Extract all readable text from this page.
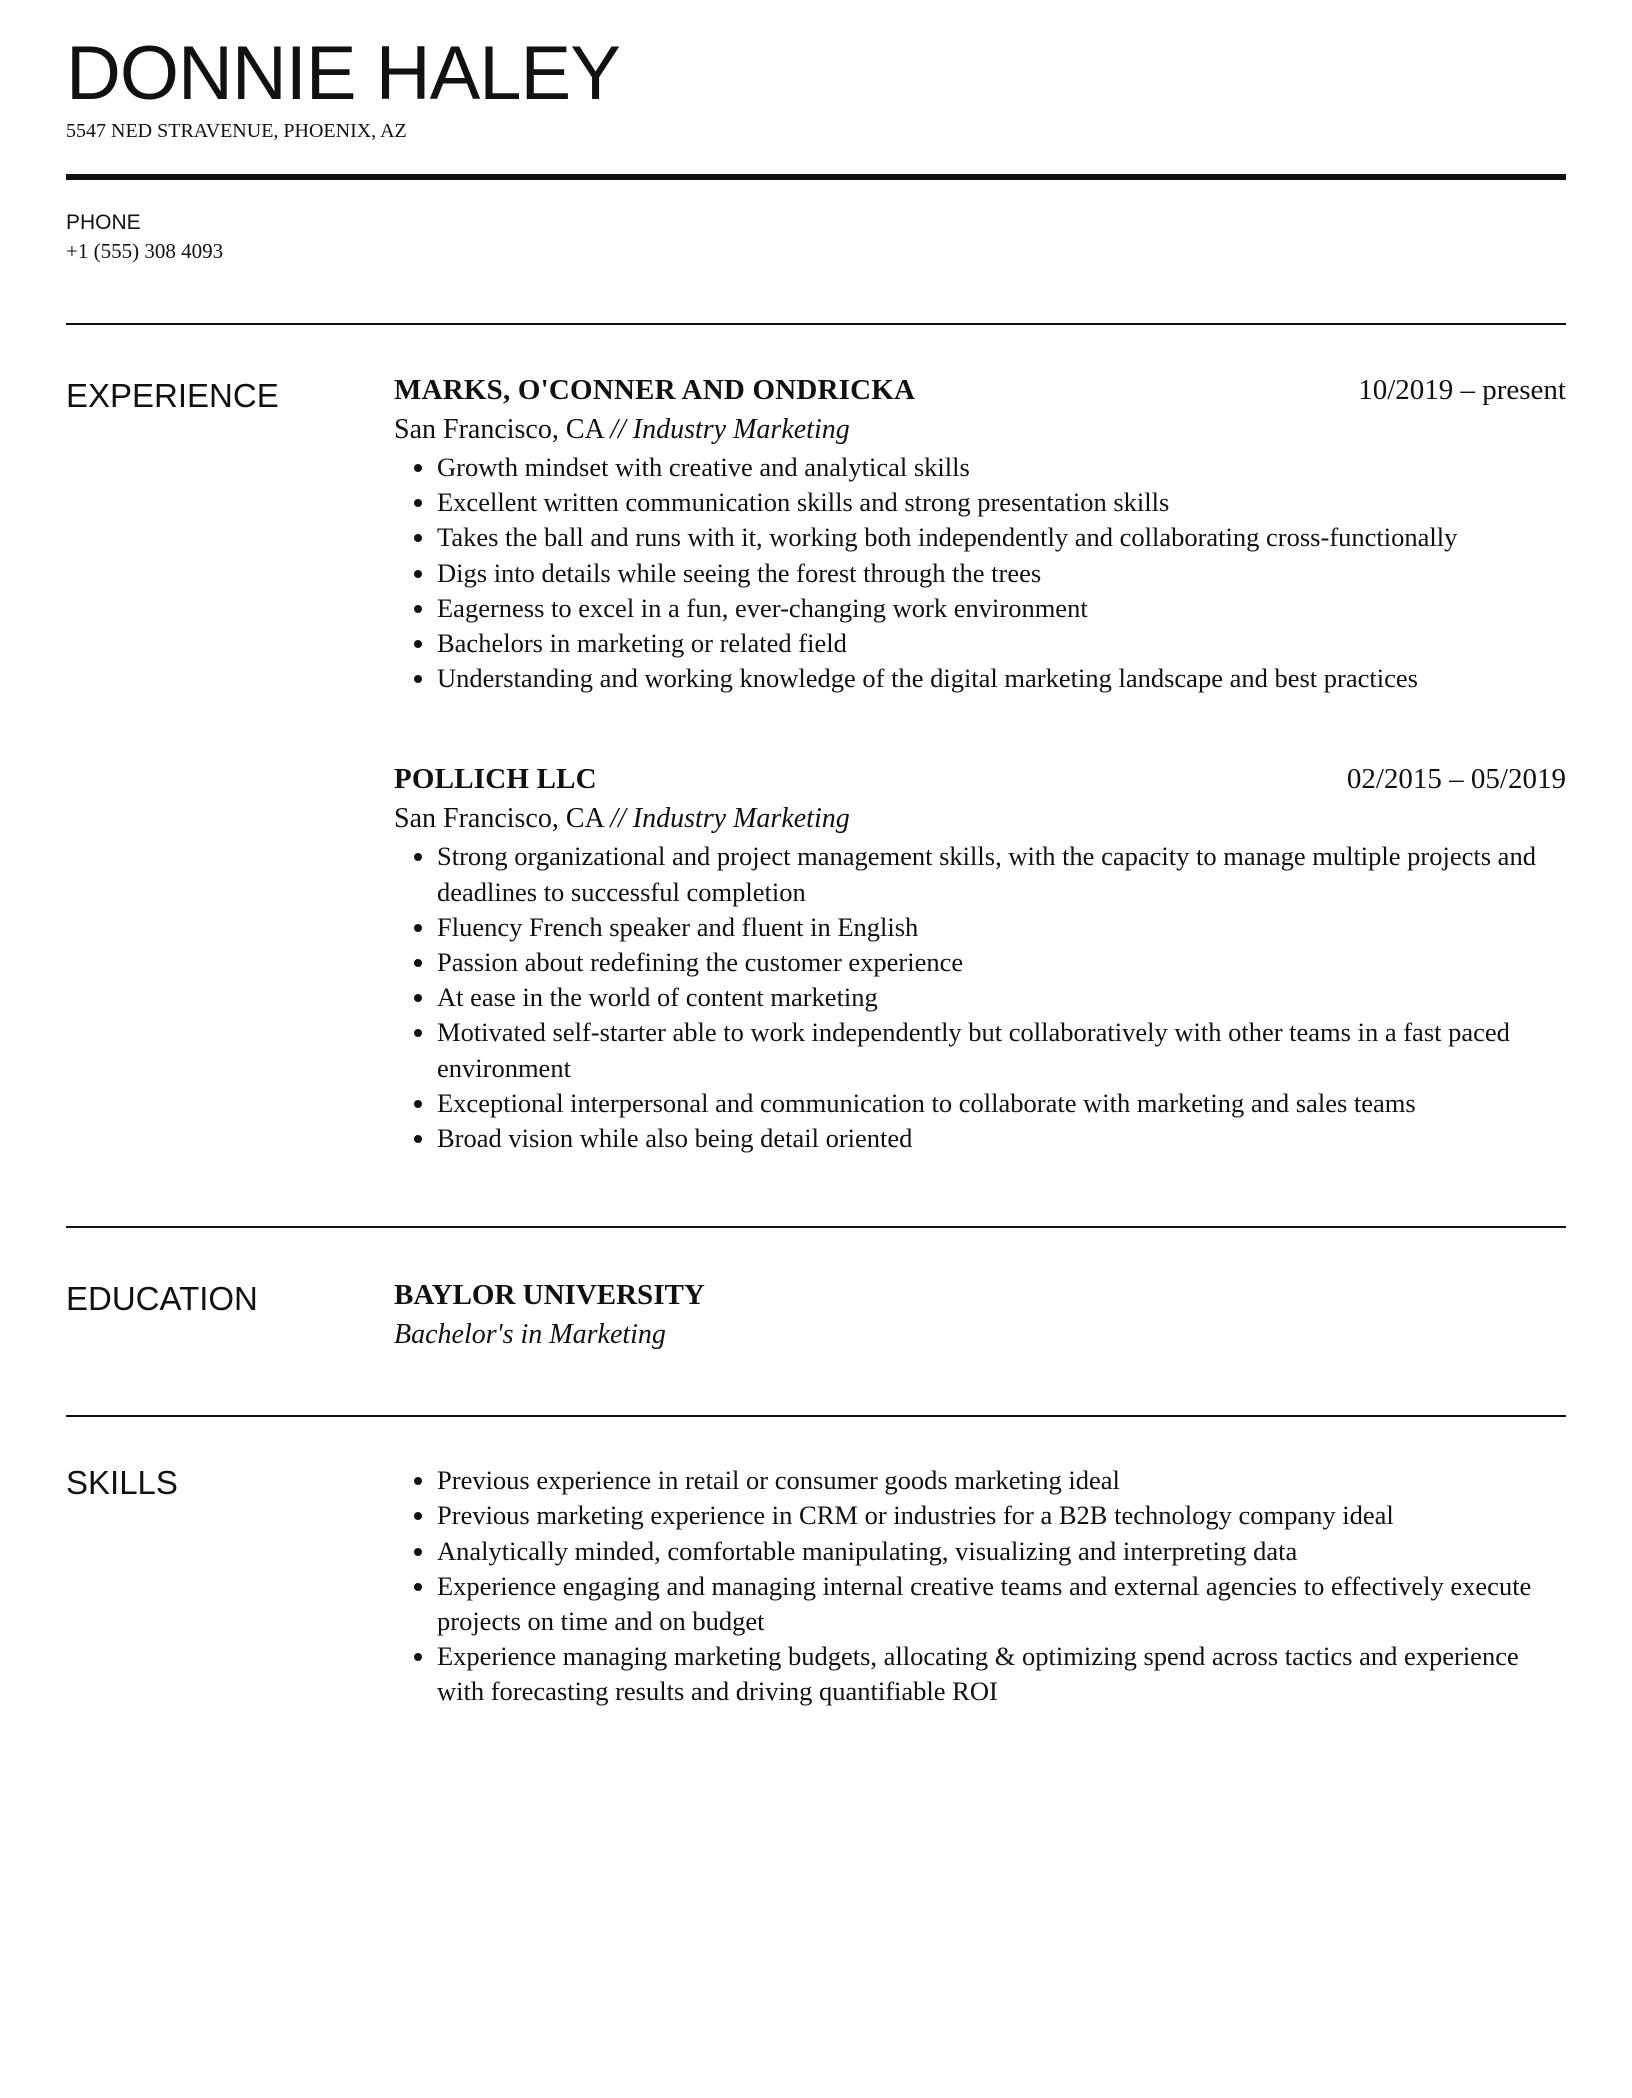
DONNIE HALEY
5547 NED STRAVENUE, PHOENIX, AZ
PHONE
+1 (555) 308 4093
EXPERIENCE	MARKS, O'CONNER AND ONDRICKA	10/2019 – present
San Francisco, CA // Industry Marketing
Growth mindset with creative and analytical skills
Excellent written communication skills and strong presentation skills
Takes the ball and runs with it, working both independently and collaborating cross-functionally
Digs into details while seeing the forest through the trees
Eagerness to excel in a fun, ever-changing work environment
Bachelors in marketing or related field
Understanding and working knowledge of the digital marketing landscape and best practices
POLLICH LLC	02/2015 – 05/2019
San Francisco, CA // Industry Marketing
Strong organizational and project management skills, with the capacity to manage multiple projects and deadlines to successful completion
Fluency French speaker and fluent in English
Passion about redefining the customer experience
At ease in the world of content marketing
Motivated self-starter able to work independently but collaboratively with other teams in a fast paced environment
Exceptional interpersonal and communication to collaborate with marketing and sales teams
Broad vision while also being detail oriented
EDUCATION	BAYLOR UNIVERSITY
Bachelor's in Marketing
SKILLS	Previous experience in retail or consumer goods marketing ideal
Previous marketing experience in CRM or industries for a B2B technology company ideal
Analytically minded, comfortable manipulating, visualizing and interpreting data
Experience engaging and managing internal creative teams and external agencies to effectively execute projects on time and on budget
Experience managing marketing budgets, allocating & optimizing spend across tactics and experience with forecasting results and driving quantifiable ROI
